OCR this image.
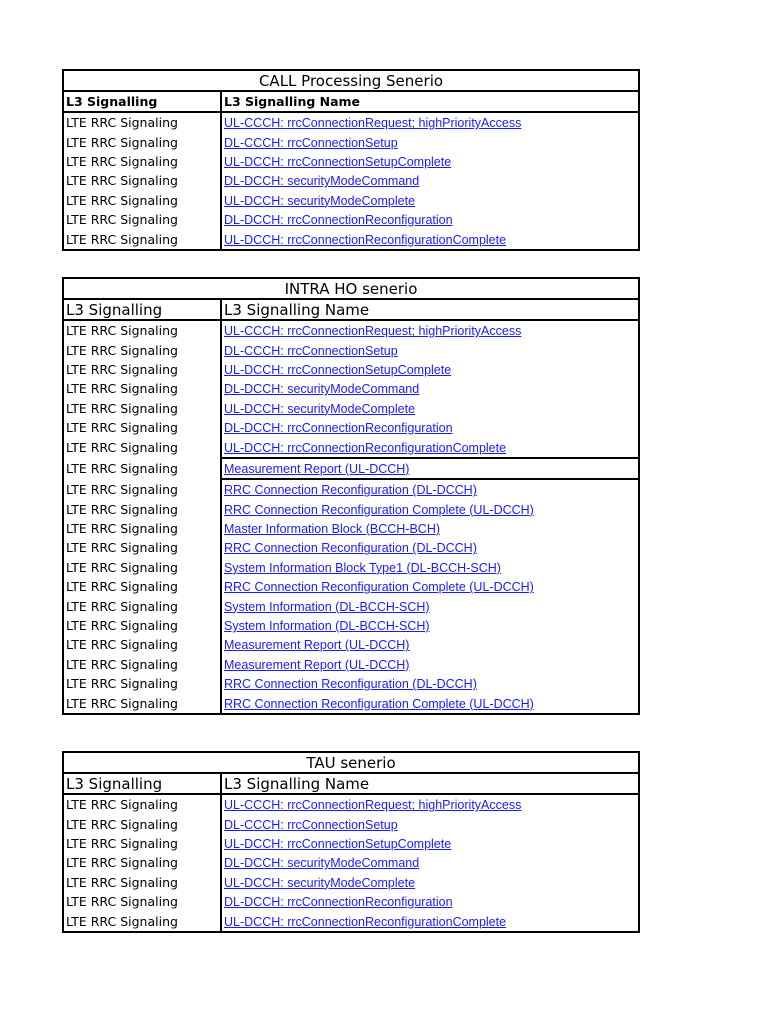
CALL Processing Senerio	
L3 Signalling	L3 Signalling Name
LTE RRC Signaling	UL-CCCH: rrcConnectionRequest; highPriorityAccess
LTE RRC Signaling	DL-CCCH: rrcConnectionSetup
LTE RRC Signaling	UL-DCCH: rrcConnectionSetupComplete
LTE RRC Signaling	DL-DCCH: securityModeCommand
LTE RRC Signaling	UL-DCCH: securityModeComplete
LTE RRC Signaling	DL-DCCH: rrcConnectionReconfiguration
LTE RRC Signaling	UL-DCCH: rrcConnectionReconfigurationComplete
INTRA HO senerio	
L3 Signalling	L3 Signalling Name
LTE RRC Signaling	UL-CCCH: rrcConnectionRequest; highPriorityAccess
LTE RRC Signaling	DL-CCCH: rrcConnectionSetup
LTE RRC Signaling	UL-DCCH: rrcConnectionSetupComplete
LTE RRC Signaling	DL-DCCH: securityModeCommand
LTE RRC Signaling	UL-DCCH: securityModeComplete
LTE RRC Signaling	DL-DCCH: rrcConnectionReconfiguration
LTE RRC Signaling	UL-DCCH: rrcConnectionReconfigurationComplete
LTE RRC Signaling	Measurement Report (UL-DCCH)
LTE RRC Signaling	RRC Connection Reconfiguration (DL-DCCH)
LTE RRC Signaling	RRC Connection Reconfiguration Complete (UL-DCCH)
LTE RRC Signaling	Master Information Block (BCCH-BCH)
LTE RRC Signaling	RRC Connection Reconfiguration (DL-DCCH)
LTE RRC Signaling	System Information Block Type1 (DL-BCCH-SCH)
LTE RRC Signaling	RRC Connection Reconfiguration Complete (UL-DCCH)
LTE RRC Signaling	System Information (DL-BCCH-SCH)
LTE RRC Signaling	System Information (DL-BCCH-SCH)
LTE RRC Signaling	Measurement Report (UL-DCCH)
LTE RRC Signaling	Measurement Report (UL-DCCH)
LTE RRC Signaling	RRC Connection Reconfiguration (DL-DCCH)
LTE RRC Signaling	RRC Connection Reconfiguration Complete (UL-DCCH)
TAU senerio	
L3 Signalling	L3 Signalling Name
LTE RRC Signaling	UL-CCCH: rrcConnectionRequest; highPriorityAccess
LTE RRC Signaling	DL-CCCH: rrcConnectionSetup
LTE RRC Signaling	UL-DCCH: rrcConnectionSetupComplete
LTE RRC Signaling	DL-DCCH: securityModeCommand
LTE RRC Signaling	UL-DCCH: securityModeComplete
LTE RRC Signaling	DL-DCCH: rrcConnectionReconfiguration
LTE RRC Signaling	UL-DCCH: rrcConnectionReconfigurationComplete
